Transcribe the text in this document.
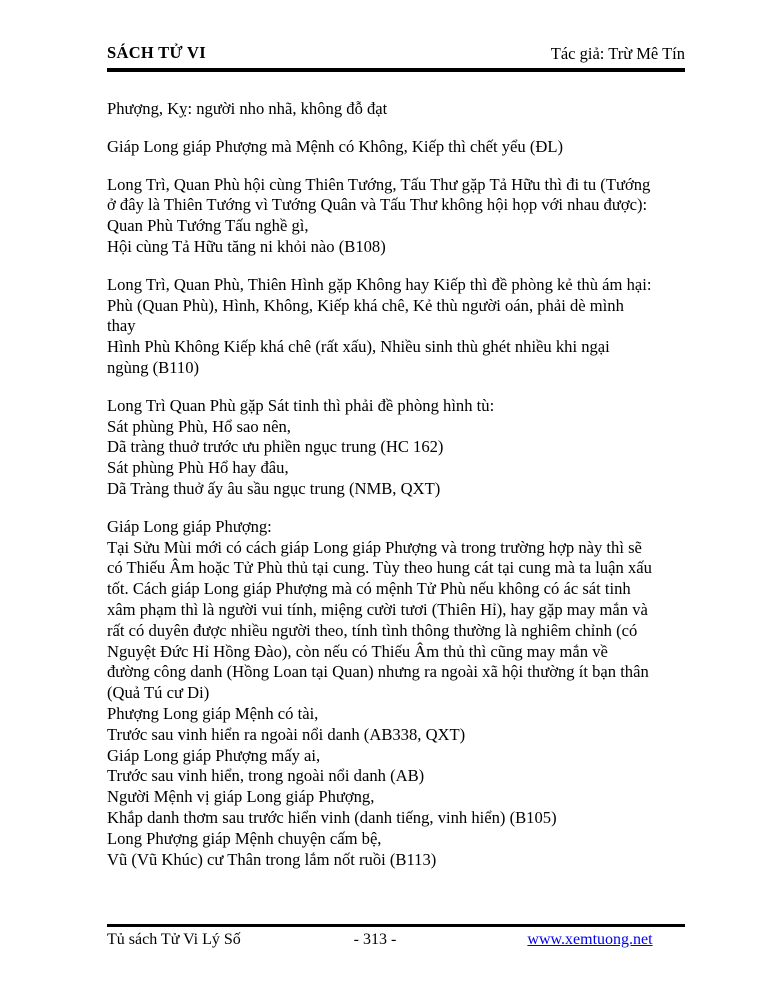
SÁCH TỬ VI	Tác giả: Trừ Mê Tín

Phượng, Kỵ: người nho nhã, không đỗ đạt

Giáp Long giáp Phượng mà Mệnh có Không, Kiếp thì chết yểu (ĐL)

Long Trì, Quan Phù hội cùng Thiên Tướng, Tấu Thư gặp Tả Hữu thì đi tu (Tướng
ở đây là Thiên Tướng vì Tướng Quân và Tấu Thư không hội họp với nhau được):
Quan Phù Tướng Tấu nghề gì,
Hội cùng Tả Hữu tăng ni khỏi nào (B108)

Long Trì, Quan Phù, Thiên Hình gặp Không hay Kiếp thì đề phòng kẻ thù ám hại:
Phù (Quan Phù), Hình, Không, Kiếp khá chê, Kẻ thù người oán, phải dè mình
thay
Hình Phù Không Kiếp khá chê (rất xấu), Nhiều sinh thù ghét nhiều khi ngại
ngùng (B110)

Long Trì Quan Phù gặp Sát tinh thì phải đề phòng hình tù:
Sát phùng Phù, Hổ sao nên,
Dã tràng thuở trước ưu phiền ngục trung (HC 162)
Sát phùng Phù Hổ hay đâu,
Dã Tràng thuở ấy âu sầu ngục trung (NMB, QXT)

Giáp Long giáp Phượng:
Tại Sửu Mùi mới có cách giáp Long giáp Phượng và trong trường hợp này thì sẽ
có Thiếu Âm hoặc Tử Phù thủ tại cung. Tùy theo hung cát tại cung mà ta luận xấu
tốt. Cách giáp Long giáp Phượng mà có mệnh Tử Phù nếu không có ác sát tinh
xâm phạm thì là người vui tính, miệng cười tươi (Thiên Hỉ), hay gặp may mắn và
rất có duyên được nhiều người theo, tính tình thông thường là nghiêm chỉnh (có
Nguyệt Đức Hỉ Hồng Đào), còn nếu có Thiếu Âm thủ thì cũng may mắn về
đường công danh (Hồng Loan tại Quan) nhưng ra ngoài xã hội thường ít bạn thân
(Quả Tú cư Di)
Phượng Long giáp Mệnh có tài,
Trước sau vinh hiển ra ngoài nổi danh (AB338, QXT)
Giáp Long giáp Phượng mấy ai,
Trước sau vinh hiển, trong ngoài nổi danh (AB)
Người Mệnh vị giáp Long giáp Phượng,
Khắp danh thơm sau trước hiển vinh (danh tiếng, vinh hiển) (B105)
Long Phượng giáp Mệnh chuyện cấm bệ,
Vũ (Vũ Khúc) cư Thân trong lắm nốt ruồi (B113)

Tủ sách Tử Vi Lý Số	- 313 -	www.xemtuong.net
